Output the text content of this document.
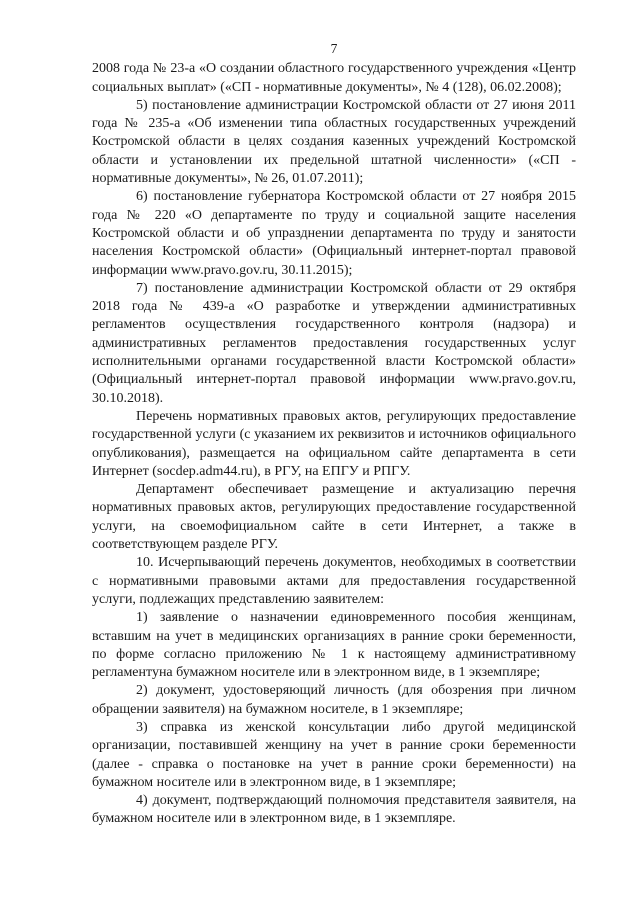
7

2008 года № 23-а «О создании областного государственного учреждения «Центр социальных выплат» («СП - нормативные документы», № 4 (128), 06.02.2008);

5) постановление администрации Костромской области от 27 июня 2011 года № 235-а «Об изменении типа областных государственных учреждений Костромской области в целях создания казенных учреждений Костромской области и установлении их предельной штатной численности» («СП - нормативные документы», № 26, 01.07.2011);

6) постановление губернатора Костромской области от 27 ноября 2015 года № 220 «О департаменте по труду и социальной защите населения Костромской области и об упразднении департамента по труду и занятости населения Костромской области» (Официальный интернет-портал правовой информации www.pravo.gov.ru, 30.11.2015);

7) постановление администрации Костромской области от 29 октября 2018 года № 439-а «О разработке и утверждении административных регламентов осуществления государственного контроля (надзора) и административных регламентов предоставления государственных услуг исполнительными органами государственной власти Костромской области» (Официальный интернет-портал правовой информации www.pravo.gov.ru, 30.10.2018).

Перечень нормативных правовых актов, регулирующих предоставление государственной услуги (с указанием их реквизитов и источников официального опубликования), размещается на официальном сайте департамента в сети Интернет (socdep.adm44.ru), в РГУ, на ЕПГУ и РПГУ.

Департамент обеспечивает размещение и актуализацию перечня нормативных правовых актов, регулирующих предоставление государственной услуги, на своемофициальном сайте в сети Интернет, а также в соответствующем разделе РГУ.

10. Исчерпывающий перечень документов, необходимых в соответствии с нормативными правовыми актами для предоставления государственной услуги, подлежащих представлению заявителем:

1) заявление о назначении единовременного пособия женщинам, вставшим на учет в медицинских организациях в ранние сроки беременности, по форме согласно приложению № 1 к настоящему административному регламентуна бумажном носителе или в электронном виде, в 1 экземпляре;

2) документ, удостоверяющий личность (для обозрения при личном обращении заявителя) на бумажном носителе, в 1 экземпляре;

3) справка из женской консультации либо другой медицинской организации, поставившей женщину на учет в ранние сроки беременности (далее - справка о постановке на учет в ранние сроки беременности) на бумажном носителе или в электронном виде, в 1 экземпляре;

4) документ, подтверждающий полномочия представителя заявителя, на бумажном носителе или в электронном виде, в 1 экземпляре.
